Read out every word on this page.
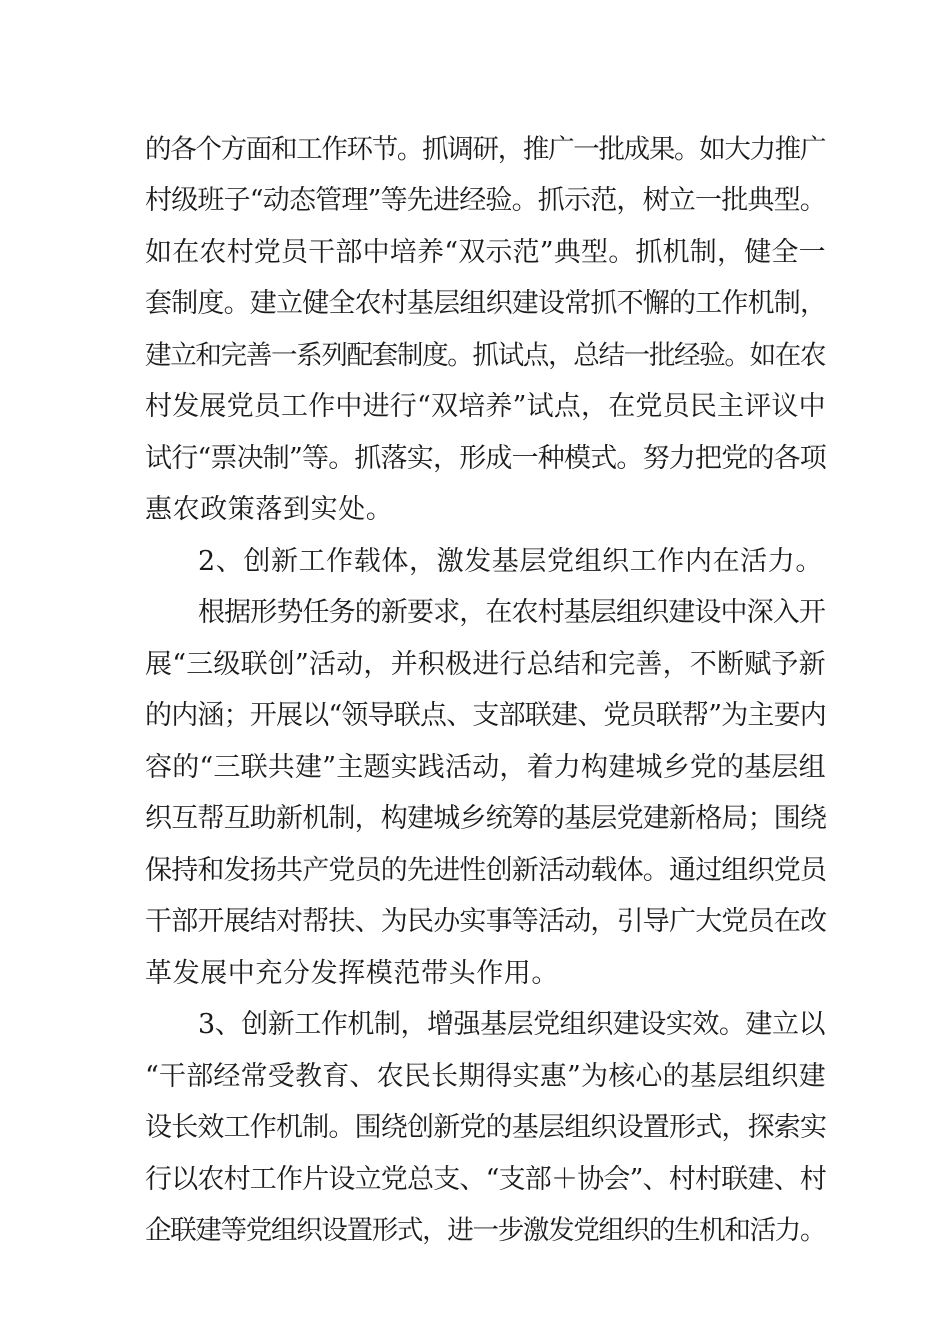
的各个方面和工作环节。抓调研，推广一批成果。如大力推广
村级班子“动态管理”等先进经验。抓示范，树立一批典型。
如在农村党员干部中培养“双示范”典型。抓机制，健全一
套制度。建立健全农村基层组织建设常抓不懈的工作机制，
建立和完善一系列配套制度。抓试点，总结一批经验。如在农
村发展党员工作中进行“双培养”试点，在党员民主评议中
试行“票决制”等。抓落实，形成一种模式。努力把党的各项
惠农政策落到实处。
2、创新工作载体，激发基层党组织工作内在活力。
根据形势任务的新要求，在农村基层组织建设中深入开
展“三级联创”活动，并积极进行总结和完善，不断赋予新
的内涵；开展以“领导联点、支部联建、党员联帮”为主要内
容的“三联共建”主题实践活动，着力构建城乡党的基层组
织互帮互助新机制，构建城乡统筹的基层党建新格局；围绕
保持和发扬共产党员的先进性创新活动载体。通过组织党员
干部开展结对帮扶、为民办实事等活动，引导广大党员在改
革发展中充分发挥模范带头作用。
3、创新工作机制，增强基层党组织建设实效。建立以
“干部经常受教育、农民长期得实惠”为核心的基层组织建
设长效工作机制。围绕创新党的基层组织设置形式，探索实
行以农村工作片设立党总支、“支部＋协会”、村村联建、村
企联建等党组织设置形式，进一步激发党组织的生机和活力。
